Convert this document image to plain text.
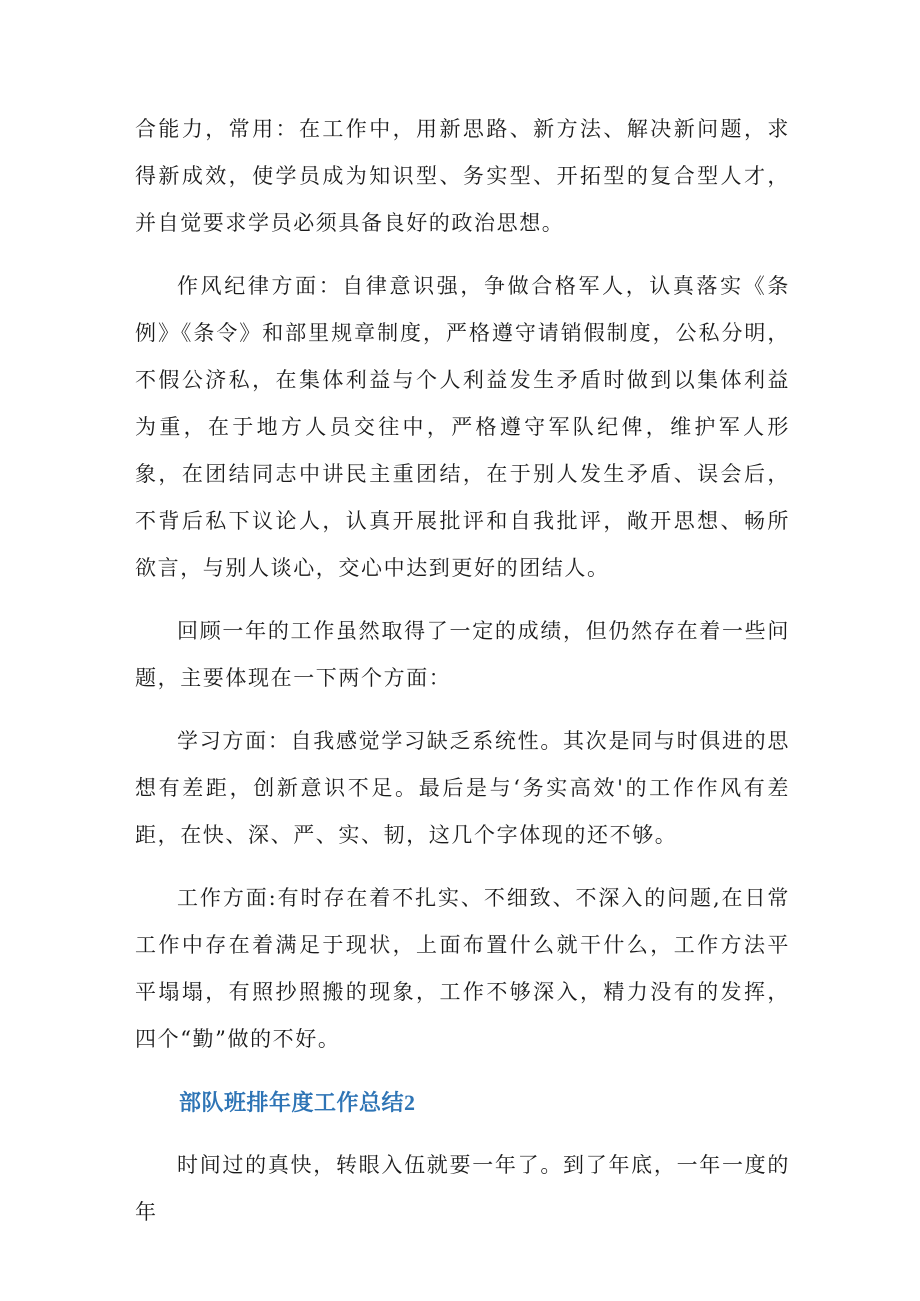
合能力，常用：在工作中，用新思路、新方法、解决新问题，求得新成效，使学员成为知识型、务实型、开拓型的复合型人才，并自觉要求学员必须具备良好的政治思想。

作风纪律方面：自律意识强，争做合格军人，认真落实《条例》《条令》和部里规章制度，严格遵守请销假制度，公私分明，不假公济私，在集体利益与个人利益发生矛盾时做到以集体利益为重，在于地方人员交往中，严格遵守军队纪俾，维护军人形象，在团结同志中讲民主重团结，在于别人发生矛盾、误会后，不背后私下议论人，认真开展批评和自我批评，敞开思想、畅所欲言，与别人谈心，交心中达到更好的团结人。

回顾一年的工作虽然取得了一定的成绩，但仍然存在着一些问题，主要体现在一下两个方面：

学习方面：自我感觉学习缺乏系统性。其次是同与时俱进的思想有差距，创新意识不足。最后是与‘务实高效'的工作作风有差距，在快、深、严、实、韧，这几个字体现的还不够。

工作方面:有时存在着不扎实、不细致、不深入的问题,在日常工作中存在着满足于现状，上面布置什么就干什么，工作方法平平塌塌，有照抄照搬的现象，工作不够深入，精力没有的发挥，四个“勤”做的不好。

部队班排年度工作总结2

时间过的真快，转眼入伍就要一年了。到了年底，一年一度的年
